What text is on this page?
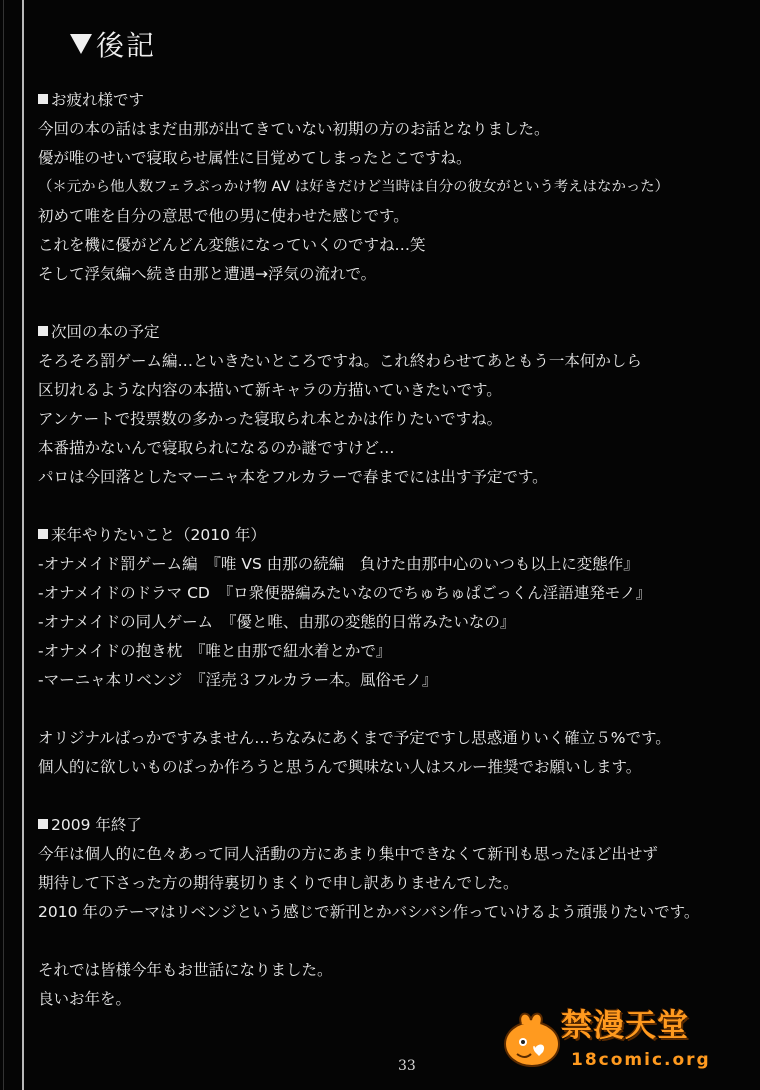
後記
お疲れ様です
今回の本の話はまだ由那が出てきていない初期の方のお話となりました。
優が唯のせいで寝取らせ属性に目覚めてしまったとこですね。
（＊元から他人数フェラぶっかけ物 AV は好きだけど当時は自分の彼女がという考えはなかった）
初めて唯を自分の意思で他の男に使わせた感じです。
これを機に優がどんどん変態になっていくのですね…笑
そして浮気編へ続き由那と遭遇→浮気の流れで。
次回の本の予定
そろそろ罰ゲーム編…といきたいところですね。これ終わらせてあともう一本何かしら
区切れるような内容の本描いて新キャラの方描いていきたいです。
アンケートで投票数の多かった寝取られ本とかは作りたいですね。
本番描かないんで寝取られになるのか謎ですけど…
パロは今回落としたマーニャ本をフルカラーで春までには出す予定です。
来年やりたいこと（2010 年）
-オナメイド罰ゲーム編　『唯 VS 由那の続編　負けた由那中心のいつも以上に変態作』
-オナメイドのドラマ CD　『ロ衆便器編みたいなのでちゅちゅぱごっくん淫語連発モノ』
-オナメイドの同人ゲーム　『優と唯、由那の変態的日常みたいなの』
-オナメイドの抱き枕　『唯と由那で紐水着とかで』
-マーニャ本リベンジ　『淫売３フルカラー本。風俗モノ』
オリジナルばっかですみません…ちなみにあくまで予定ですし思惑通りいく確立５%です。
個人的に欲しいものばっか作ろうと思うんで興味ない人はスルー推奨でお願いします。
2009 年終了
今年は個人的に色々あって同人活動の方にあまり集中できなくて新刊も思ったほど出せず
期待して下さった方の期待裏切りまくりで申し訳ありませんでした。
2010 年のテーマはリベンジという感じで新刊とかバシバシ作っていけるよう頑張りたいです。
それでは皆様今年もお世話になりました。
良いお年を。
33
禁漫天堂
18comic.org
